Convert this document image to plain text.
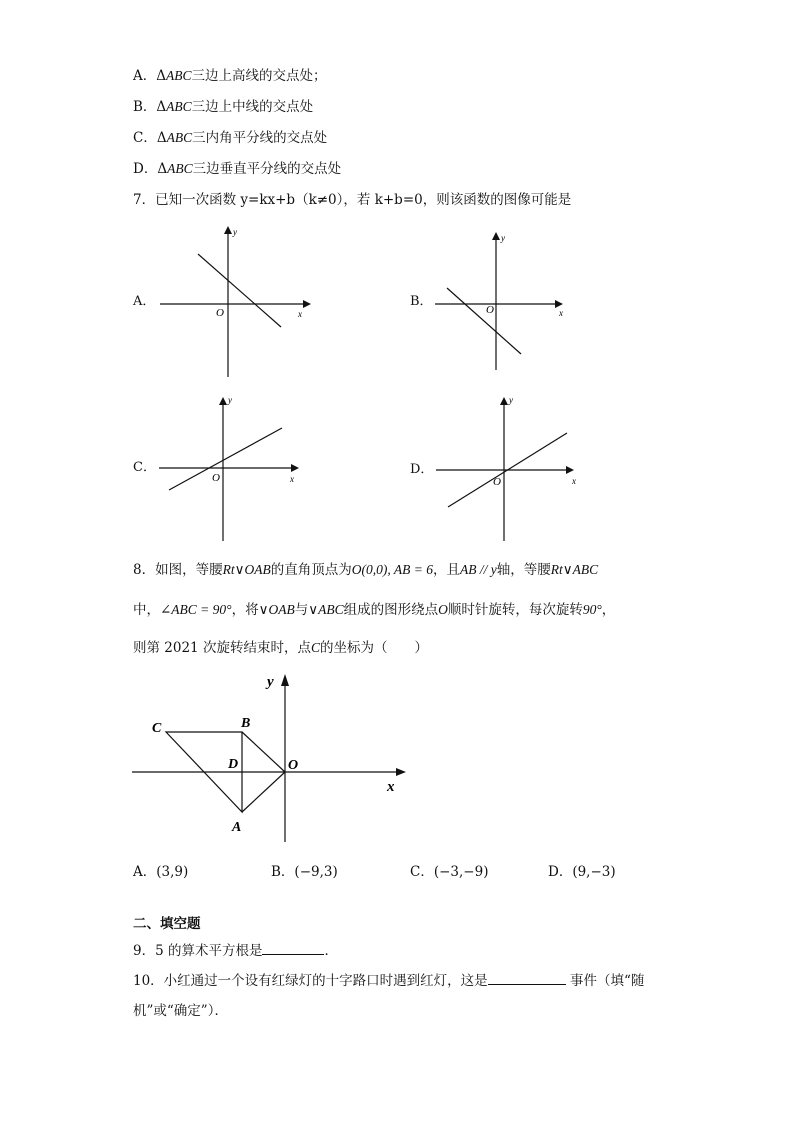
A．ΔABC三边上高线的交点处；
B．ΔABC三边上中线的交点处
C．ΔABC三内角平分线的交点处
D．ΔABC三边垂直平分线的交点处
7．已知一次函数 y=kx+b（k≠0），若 k+b=0，则该函数的图像可能是
A．
O	x
y
B．
O	x
y
C．
O	x
y
D．
O	x
y
8．如图，等腰Rt∨OAB的直角顶点为O(0,0), AB = 6，且AB // y轴，等腰Rt∨ABC
中，∠ABC = 90°，将∨OAB与∨ABC组成的图形绕点O顺时针旋转，每次旋转90°，
则第 2021 次旋转结束时，点C的坐标为（　　）
C	B
D	O
A
x
y
A．(3,9)	B．(−9,3)	C．(−3,−9)	D．(9,−3)
二、填空题
9．5 的算术平方根是	．
10．小红通过一个设有红绿灯的十字路口时遇到红灯，这是	事件（填“随
机”或“确定”）．
